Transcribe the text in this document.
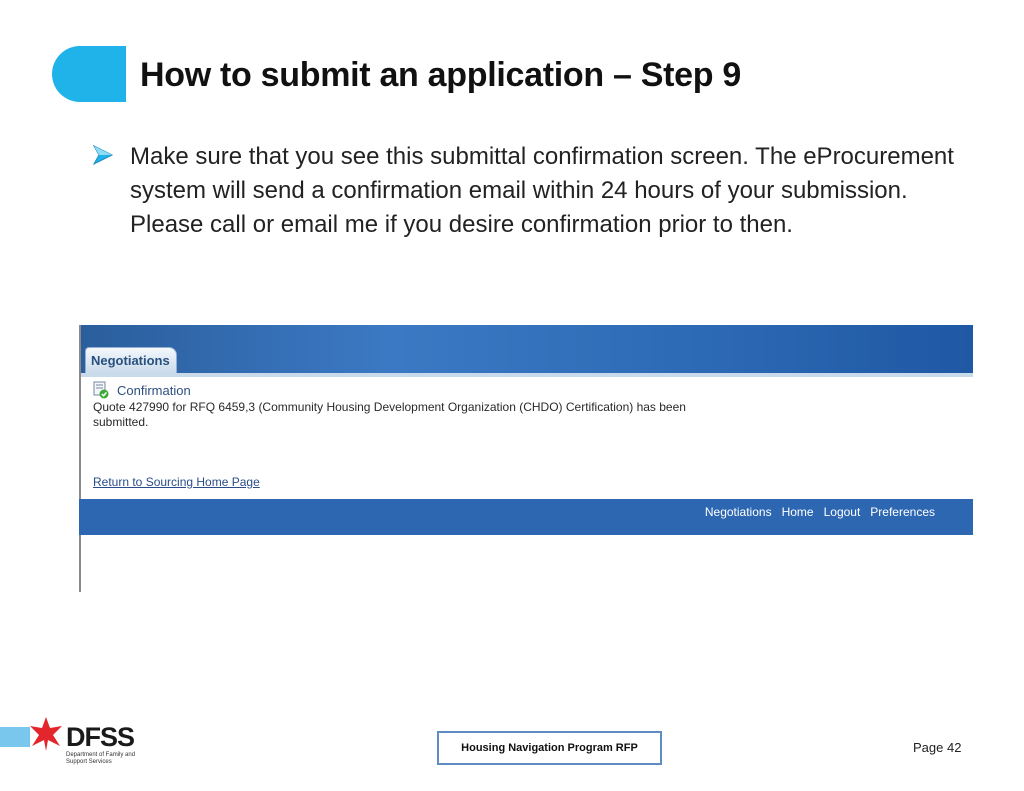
How to submit an application – Step 9

Make sure that you see this submittal confirmation screen. The eProcurement system will send a confirmation email within 24 hours of your submission. Please call or email me if you desire confirmation prior to then.

Negotiations

Confirmation

Quote 427990 for RFQ 6459,3 (Community Housing Development Organization (CHDO) Certification) has been submitted.

Return to Sourcing Home Page
Negotiations Home Logout Preferences

DFSS

Department of Family and Support Services

Housing Navigation Program RFP	Page 42
